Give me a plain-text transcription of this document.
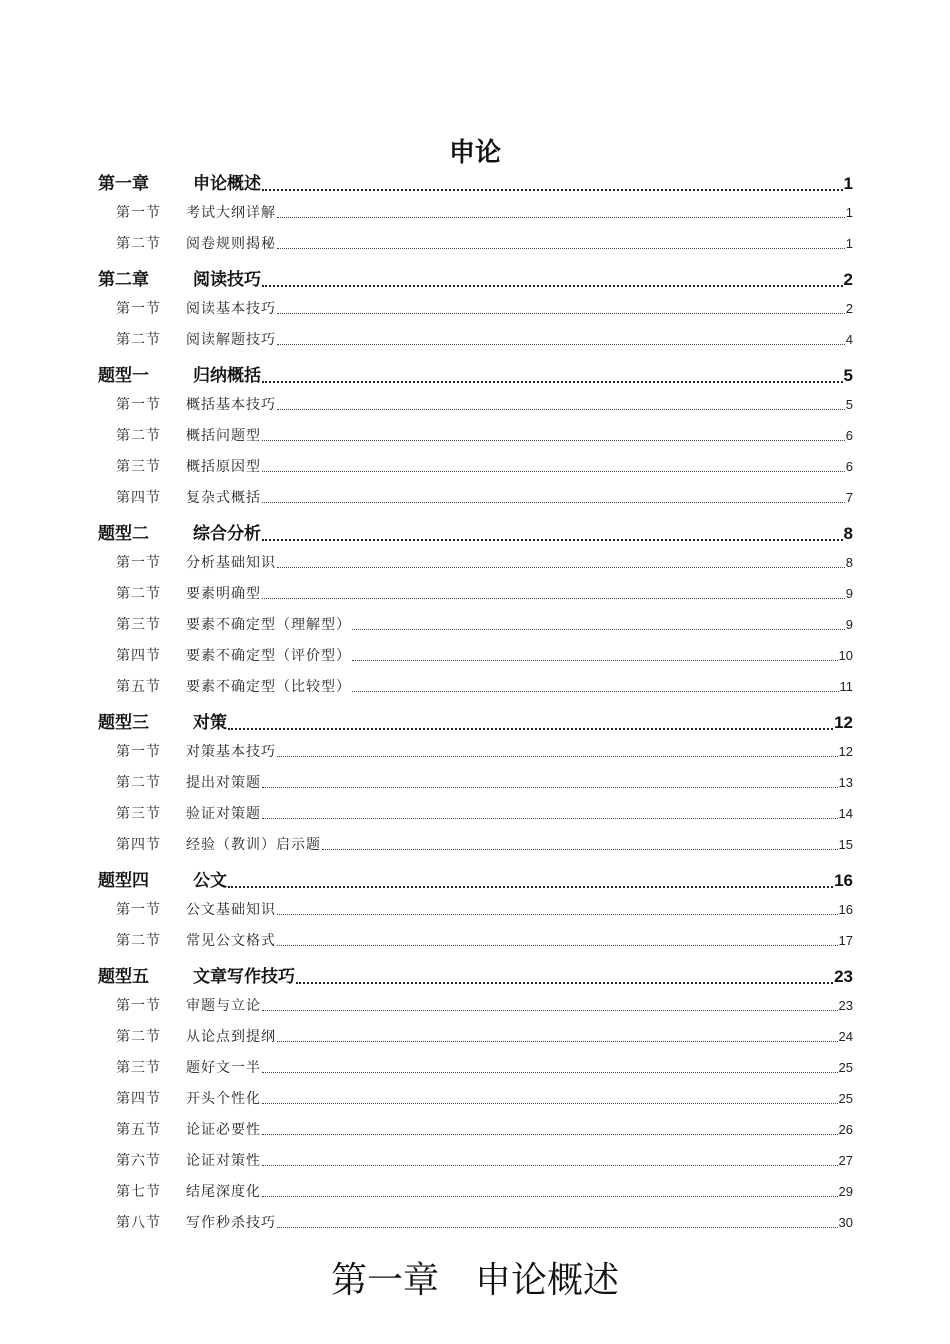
申论
第一章	申论概述	1
第一节	考试大纲详解	1
第二节	阅卷规则揭秘	1
第二章	阅读技巧	2
第一节	阅读基本技巧	2
第二节	阅读解题技巧	4
题型一	归纳概括	5
第一节	概括基本技巧	5
第二节	概括问题型	6
第三节	概括原因型	6
第四节	复杂式概括	7
题型二	综合分析	8
第一节	分析基础知识	8
第二节	要素明确型	9
第三节	要素不确定型（理解型）	9
第四节	要素不确定型（评价型）	10
第五节	要素不确定型（比较型）	11
题型三	对策	12
第一节	对策基本技巧	12
第二节	提出对策题	13
第三节	验证对策题	14
第四节	经验（教训）启示题	15
题型四	公文	16
第一节	公文基础知识	16
第二节	常见公文格式	17
题型五	文章写作技巧	23
第一节	审题与立论	23
第二节	从论点到提纲	24
第三节	题好文一半	25
第四节	开头个性化	25
第五节	论证必要性	26
第六节	论证对策性	27
第七节	结尾深度化	29
第八节	写作秒杀技巧	30
第一章 申论概述
